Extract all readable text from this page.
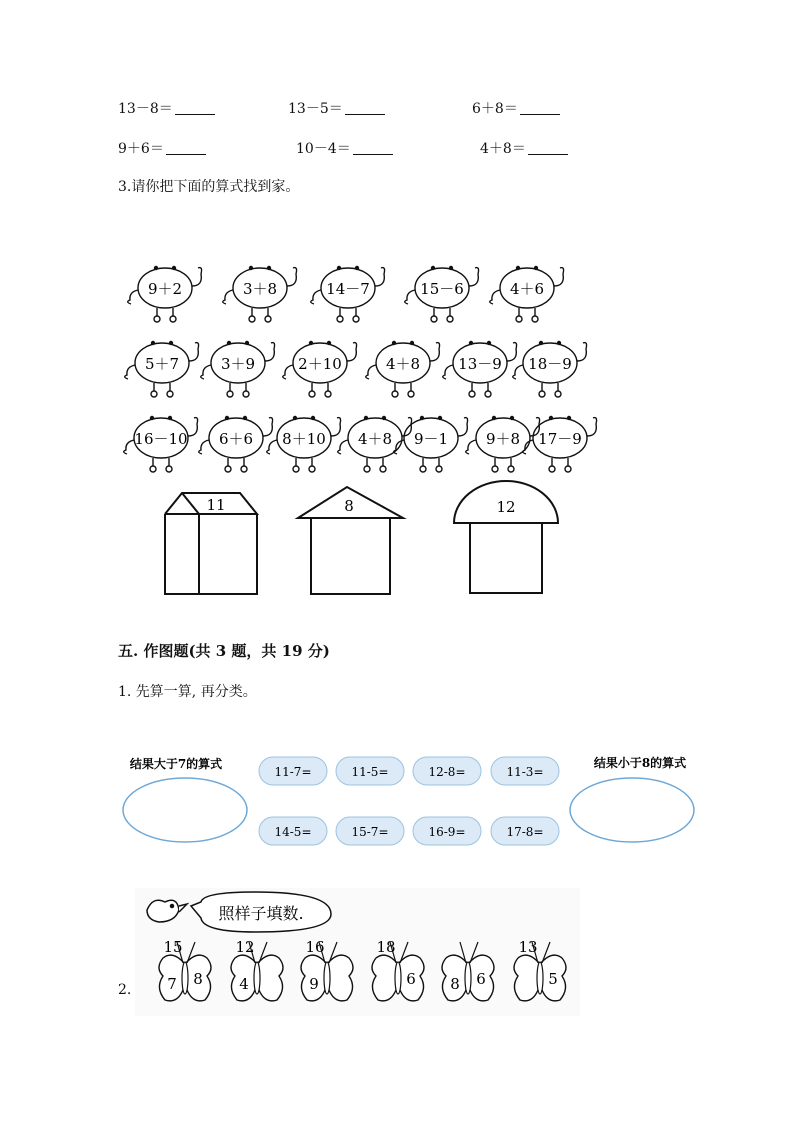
13－8＝	13－5＝	6＋8＝
9＋6＝	10－4＝	4＋8＝
3.请你把下面的算式找到家。
9＋2	3＋8	14－7	15－6	4＋6
5＋7	3＋9	2＋10	4＋8	13－9 18－9
16－10 6＋6 8＋10 4＋8 9－1	9＋8 17－9
11	8	12
五. 作图题(共 3 题，共 19 分)
1. 先算一算, 再分类。
结果大于7的算式	结果小于8的算式
11-7=	11-5=	12-8=	11-3=
14-5=	15-7=	16-9=	17-8=
2.
照样子填数.
15
7 8
12
4
16
9
18
6 8 6
13
5
